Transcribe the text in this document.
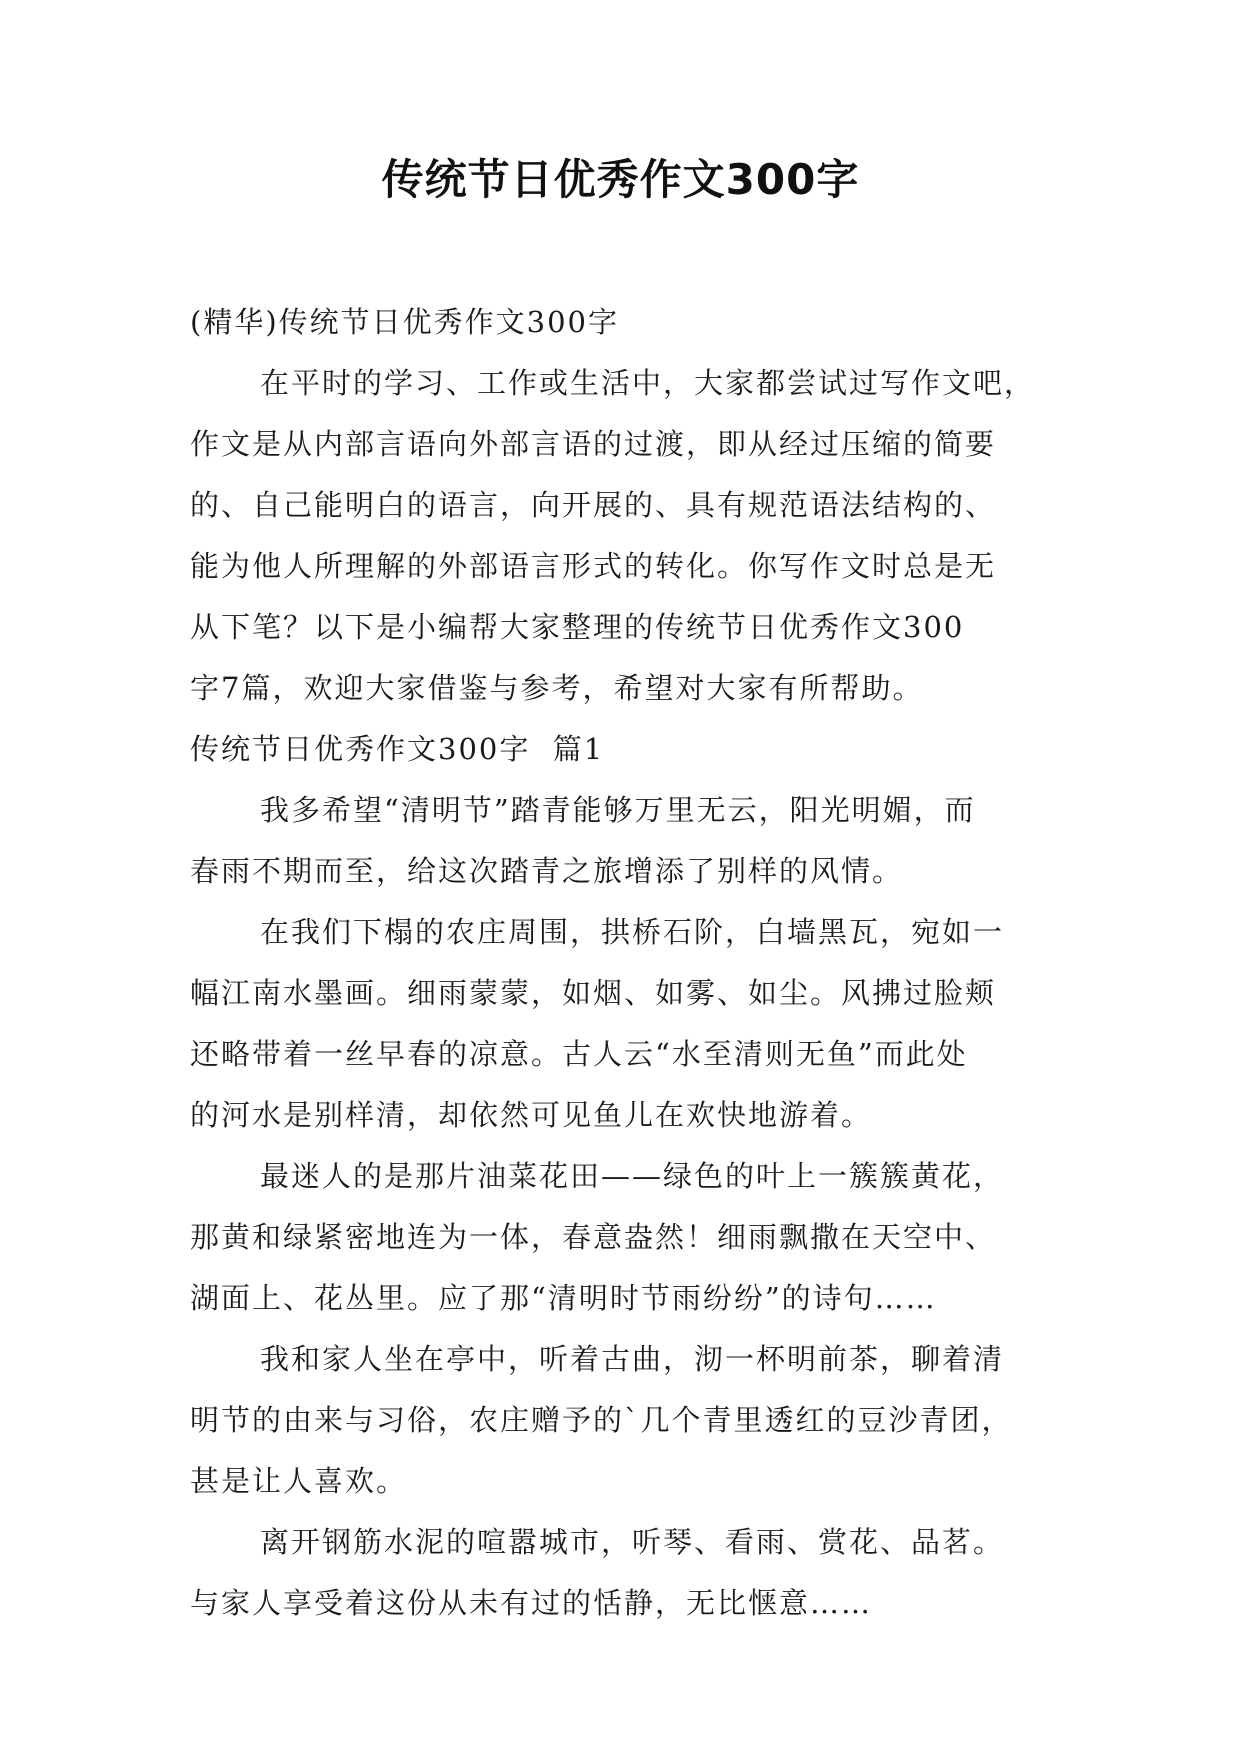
传统节日优秀作文300字

(精华)传统节日优秀作文300字

在平时的学习、工作或生活中，大家都尝试过写作文吧，

作文是从内部言语向外部言语的过渡，即从经过压缩的简要

的、自己能明白的语言，向开展的、具有规范语法结构的、

能为他人所理解的外部语言形式的转化。你写作文时总是无

从下笔？以下是小编帮大家整理的传统节日优秀作文300

字7篇，欢迎大家借鉴与参考，希望对大家有所帮助。

传统节日优秀作文300字  篇1

我多希望“清明节”踏青能够万里无云，阳光明媚，而

春雨不期而至，给这次踏青之旅增添了别样的风情。

在我们下榻的农庄周围，拱桥石阶，白墙黑瓦，宛如一

幅江南水墨画。细雨蒙蒙，如烟、如雾、如尘。风拂过脸颊

还略带着一丝早春的凉意。古人云“水至清则无鱼”而此处

的河水是别样清，却依然可见鱼儿在欢快地游着。

最迷人的是那片油菜花田——绿色的叶上一簇簇黄花，

那黄和绿紧密地连为一体，春意盎然！细雨飘撒在天空中、

湖面上、花丛里。应了那“清明时节雨纷纷”的诗句……

我和家人坐在亭中，听着古曲，沏一杯明前茶，聊着清

明节的由来与习俗，农庄赠予的`几个青里透红的豆沙青团，

甚是让人喜欢。

离开钢筋水泥的喧嚣城市，听琴、看雨、赏花、品茗。

与家人享受着这份从未有过的恬静，无比惬意……
